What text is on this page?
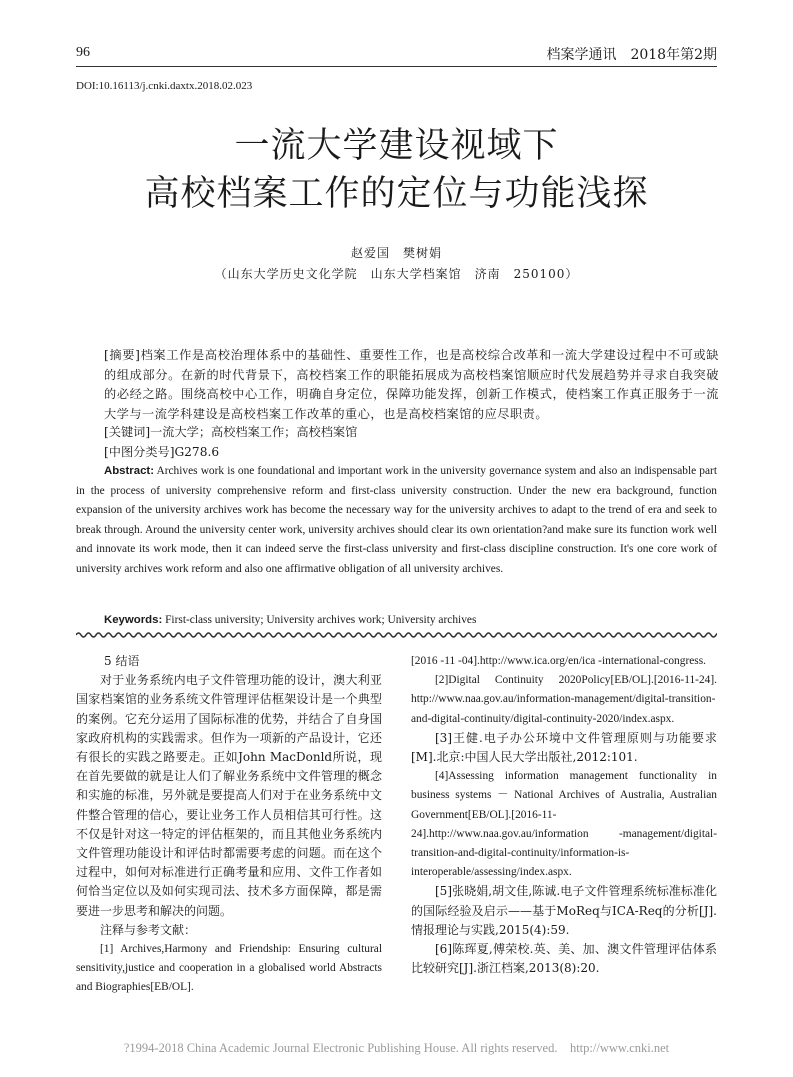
96	档案学通讯　2018年第2期
DOI:10.16113/j.cnki.daxtx.2018.02.023
一流大学建设视域下
高校档案工作的定位与功能浅探
赵爱国　樊树娟
（山东大学历史文化学院　山东大学档案馆　济南　250100）
[摘要]档案工作是高校治理体系中的基础性、重要性工作，也是高校综合改革和一流大学建设过程中不可或缺的组成部分。在新的时代背景下，高校档案工作的职能拓展成为高校档案馆顺应时代发展趋势并寻求自我突破的必经之路。围绕高校中心工作，明确自身定位，保障功能发挥，创新工作模式，使档案工作真正服务于一流大学与一流学科建设是高校档案工作改革的重心，也是高校档案馆的应尽职责。
[关键词]一流大学；高校档案工作；高校档案馆
[中图分类号]G278.6
Abstract: Archives work is one foundational and important work in the university governance system and also an indispensable part in the process of university comprehensive reform and first-class university construction. Under the new era background, function expansion of the university archives work has become the necessary way for the university archives to adapt to the trend of era and seek to break through. Around the university center work, university archives should clear its own orientation?and make sure its function work well and innovate its work mode, then it can indeed serve the first-class university and first-class discipline construction. It's one core work of university archives work reform and also one affirmative obligation of all university archives.
Keywords: First-class university; University archives work; University archives

5 结语

对于业务系统内电子文件管理功能的设计，澳大利亚国家档案馆的业务系统文件管理评估框架设计是一个典型的案例。它充分运用了国际标准的优势，并结合了自身国家政府机构的实践需求。但作为一项新的产品设计，它还有很长的实践之路要走。正如John MacDonld所说，现在首先要做的就是让人们了解业务系统中文件管理的概念和实施的标准，另外就是要提高人们对于在业务系统中文件整合管理的信心，要让业务工作人员相信其可行性。这不仅是针对这一特定的评估框架的，而且其他业务系统内文件管理功能设计和评估时都需要考虑的问题。而在这个过程中，如何对标准进行正确考量和应用、文件工作者如何恰当定位以及如何实现司法、技术多方面保障，都是需要进一步思考和解决的问题。

注释与参考文献：

[1] Archives,Harmony and Friendship: Ensuring cultural sensitivity,justice and cooperation in a globalised world Abstracts and Biographies[EB/OL].

[2016 -11 -04].http://www.ica.org/en/ica -international-congress.

[2]Digital Continuity 2020Policy[EB/OL].[2016-11-24]. http://www.naa.gov.au/information-management/digital-transition-and-digital-continuity/digital-continuity-2020/index.aspx.

[3]王健.电子办公环境中文件管理原则与功能要求[M].北京:中国人民大学出版社,2012:101.

[4]Assessing information management functionality in business systems － National Archives of Australia, Australian Government[EB/OL].[2016-11-24].http://www.naa.gov.au/information -management/digital-transition-and-digital-continuity/information-is-interoperable/assessing/index.aspx.

[5]张晓娟,胡文佳,陈诚.电子文件管理系统标准标准化的国际经验及启示——基于MoReq与ICA-Req的分析[J].情报理论与实践,2015(4):59.

[6]陈珲夏,傅荣校.英、美、加、澳文件管理评估体系比较研究[J].浙江档案,2013(8):20.

?1994-2018 China Academic Journal Electronic Publishing House. All rights reserved.　http://www.cnki.net
